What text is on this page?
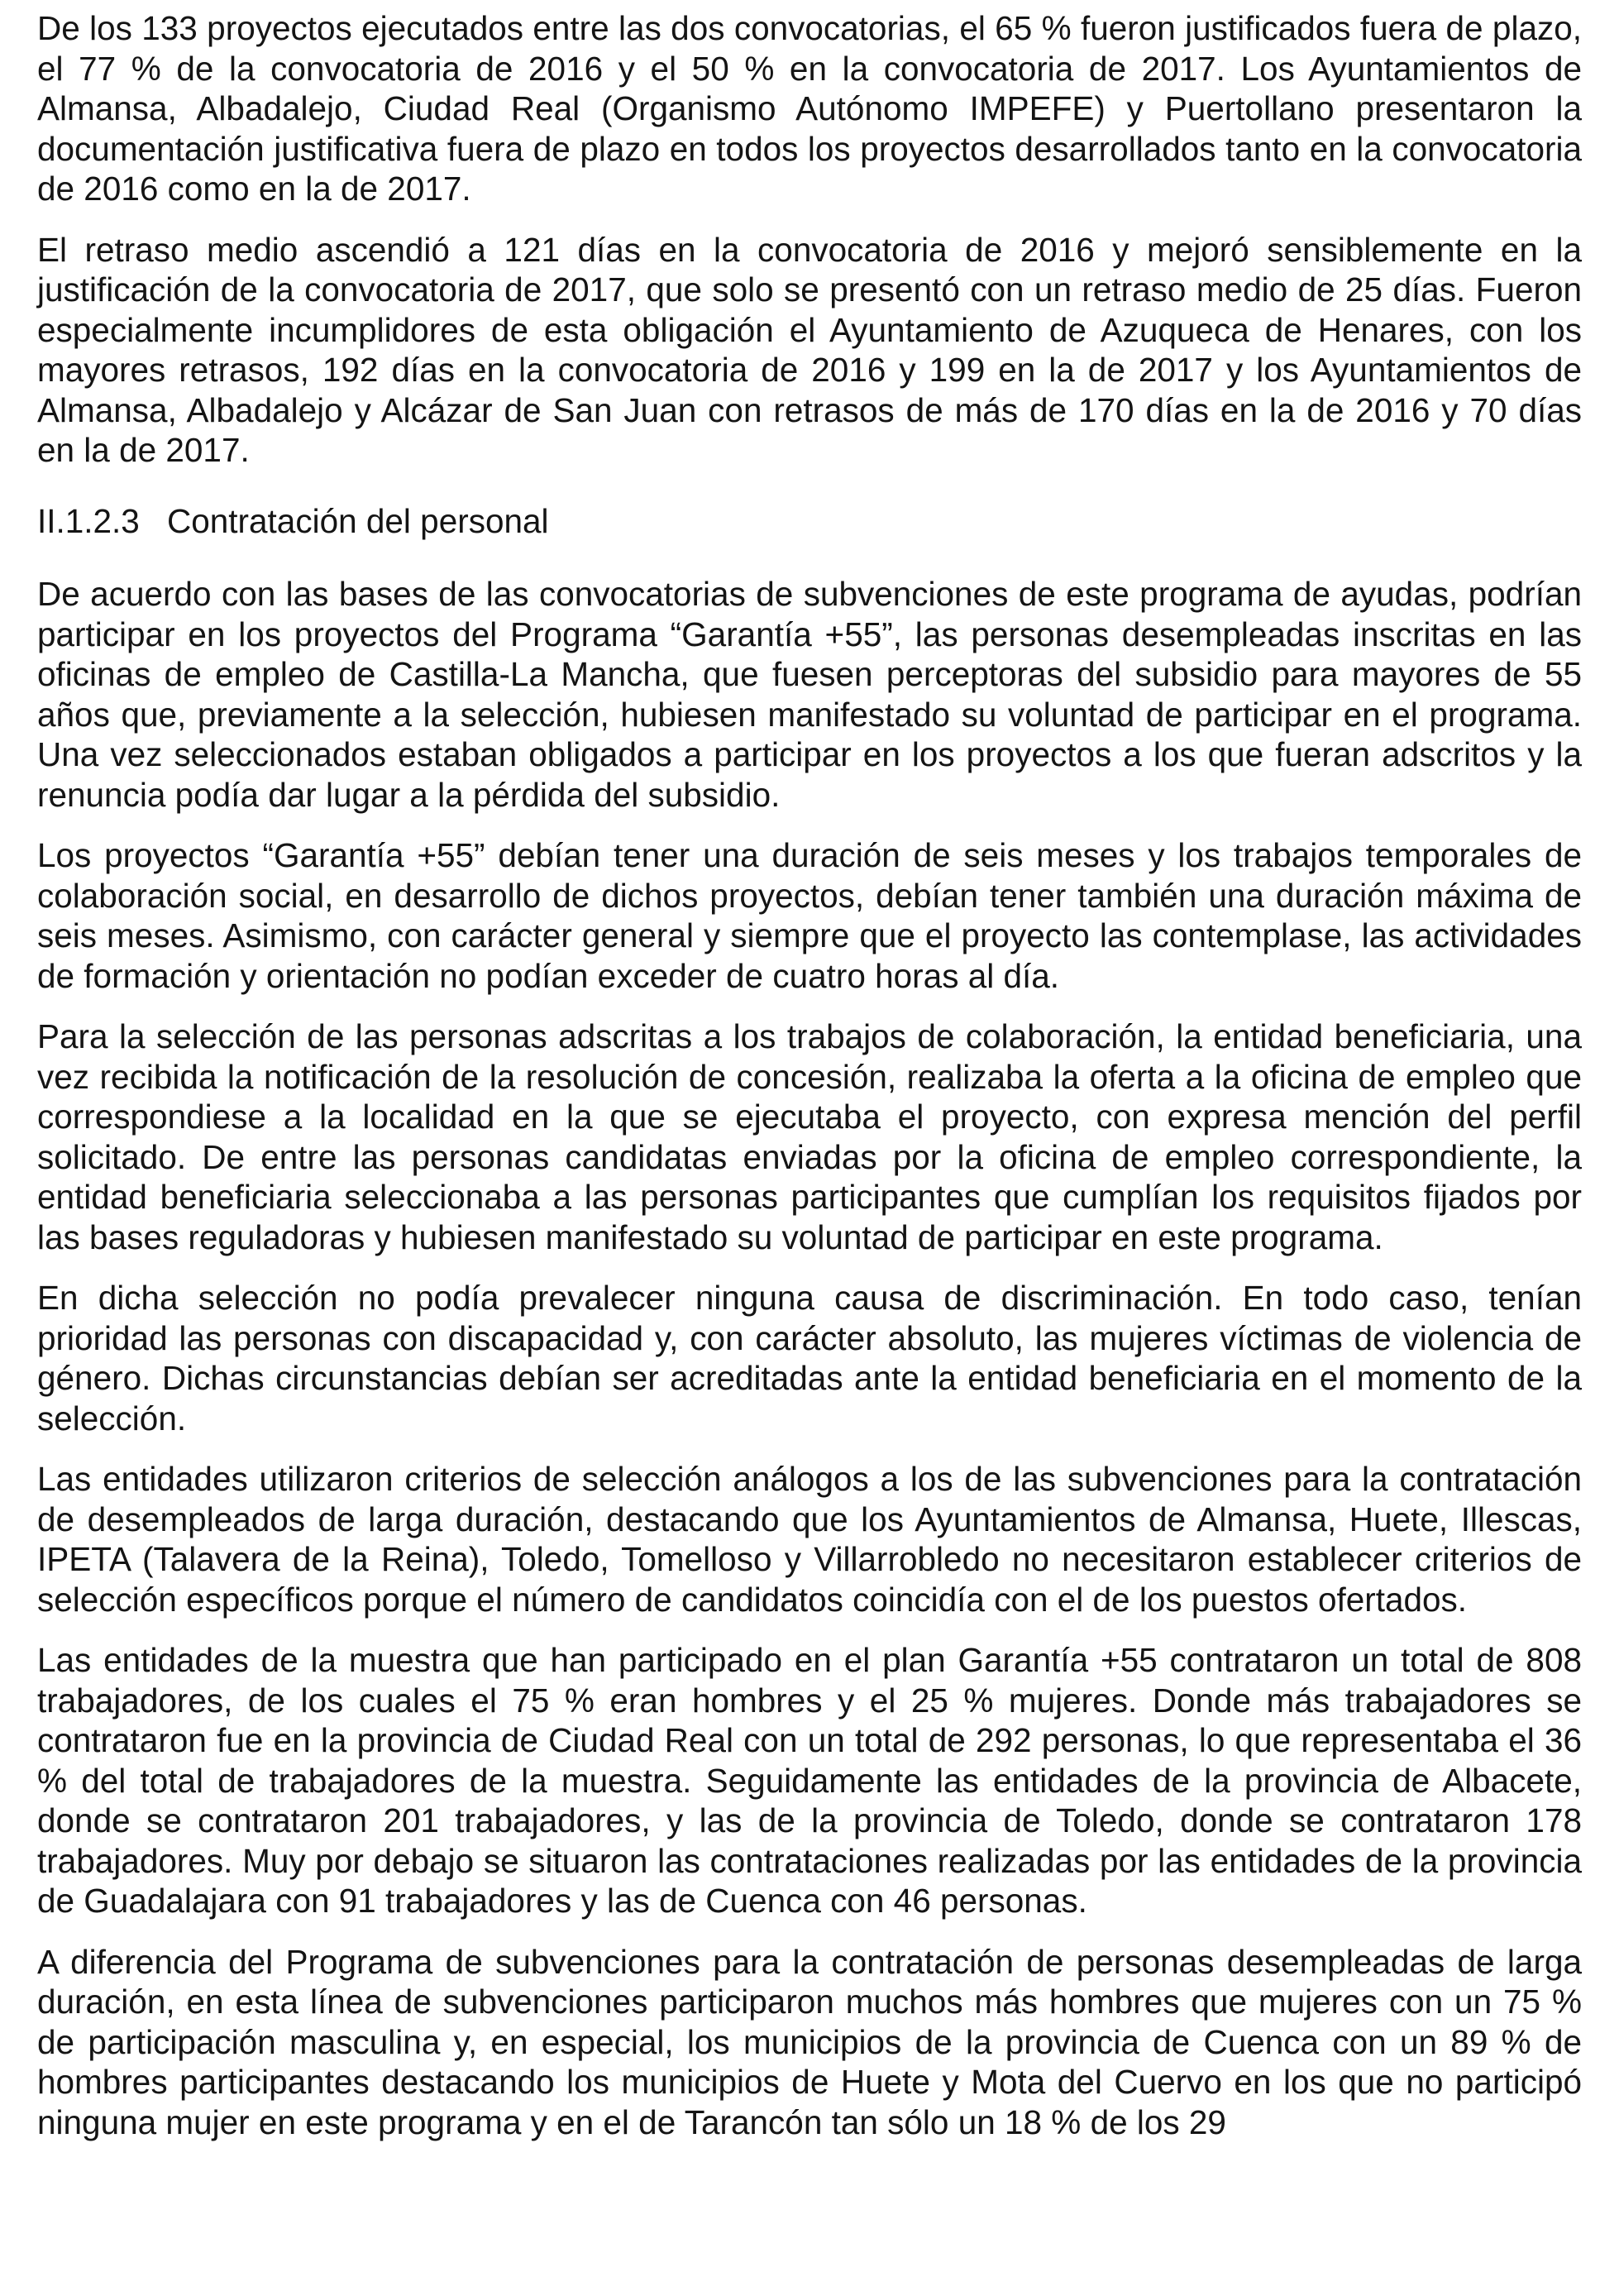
De los 133 proyectos ejecutados entre las dos convocatorias, el 65 % fueron justificados fuera de plazo, el 77 % de la convocatoria de 2016 y el 50 % en la convocatoria de 2017. Los Ayuntamientos de Almansa, Albadalejo, Ciudad Real (Organismo Autónomo IMPEFE) y Puertollano presentaron la documentación justificativa fuera de plazo en todos los proyectos desarrollados tanto en la convocatoria de 2016 como en la de 2017.

El retraso medio ascendió a 121 días en la convocatoria de 2016 y mejoró sensiblemente en la justificación de la convocatoria de 2017, que solo se presentó con un retraso medio de 25 días. Fueron especialmente incumplidores de esta obligación el Ayuntamiento de Azuqueca de Henares, con los mayores retrasos, 192 días en la convocatoria de 2016 y 199 en la de 2017 y los Ayuntamientos de Almansa, Albadalejo y Alcázar de San Juan con retrasos de más de 170 días en la de 2016 y 70 días en la de 2017.

II.1.2.3 Contratación del personal

De acuerdo con las bases de las convocatorias de subvenciones de este programa de ayudas, podrían participar en los proyectos del Programa “Garantía +55”, las personas desempleadas inscritas en las oficinas de empleo de Castilla-La Mancha, que fuesen perceptoras del subsidio para mayores de 55 años que, previamente a la selección, hubiesen manifestado su voluntad de participar en el programa. Una vez seleccionados estaban obligados a participar en los proyectos a los que fueran adscritos y la renuncia podía dar lugar a la pérdida del subsidio.

Los proyectos “Garantía +55” debían tener una duración de seis meses y los trabajos temporales de colaboración social, en desarrollo de dichos proyectos, debían tener también una duración máxima de seis meses. Asimismo, con carácter general y siempre que el proyecto las contemplase, las actividades de formación y orientación no podían exceder de cuatro horas al día.

Para la selección de las personas adscritas a los trabajos de colaboración, la entidad beneficiaria, una vez recibida la notificación de la resolución de concesión, realizaba la oferta a la oficina de empleo que correspondiese a la localidad en la que se ejecutaba el proyecto, con expresa mención del perfil solicitado. De entre las personas candidatas enviadas por la oficina de empleo correspondiente, la entidad beneficiaria seleccionaba a las personas participantes que cumplían los requisitos fijados por las bases reguladoras y hubiesen manifestado su voluntad de participar en este programa.

En dicha selección no podía prevalecer ninguna causa de discriminación. En todo caso, tenían prioridad las personas con discapacidad y, con carácter absoluto, las mujeres víctimas de violencia de género. Dichas circunstancias debían ser acreditadas ante la entidad beneficiaria en el momento de la selección.

Las entidades utilizaron criterios de selección análogos a los de las subvenciones para la contratación de desempleados de larga duración, destacando que los Ayuntamientos de Almansa, Huete, Illescas, IPETA (Talavera de la Reina), Toledo, Tomelloso y Villarrobledo no necesitaron establecer criterios de selección específicos porque el número de candidatos coincidía con el de los puestos ofertados.

Las entidades de la muestra que han participado en el plan Garantía +55 contrataron un total de 808 trabajadores, de los cuales el 75 % eran hombres y el 25 % mujeres. Donde más trabajadores se contrataron fue en la provincia de Ciudad Real con un total de 292 personas, lo que representaba el 36 % del total de trabajadores de la muestra. Seguidamente las entidades de la provincia de Albacete, donde se contrataron 201 trabajadores, y las de la provincia de Toledo, donde se contrataron 178 trabajadores. Muy por debajo se situaron las contrataciones realizadas por las entidades de la provincia de Guadalajara con 91 trabajadores y las de Cuenca con 46 personas.

A diferencia del Programa de subvenciones para la contratación de personas desempleadas de larga duración, en esta línea de subvenciones participaron muchos más hombres que mujeres con un 75 % de participación masculina y, en especial, los municipios de la provincia de Cuenca con un 89 % de hombres participantes destacando los municipios de Huete y Mota del Cuervo en los que no participó ninguna mujer en este programa y en el de Tarancón tan sólo un 18 % de los 29
